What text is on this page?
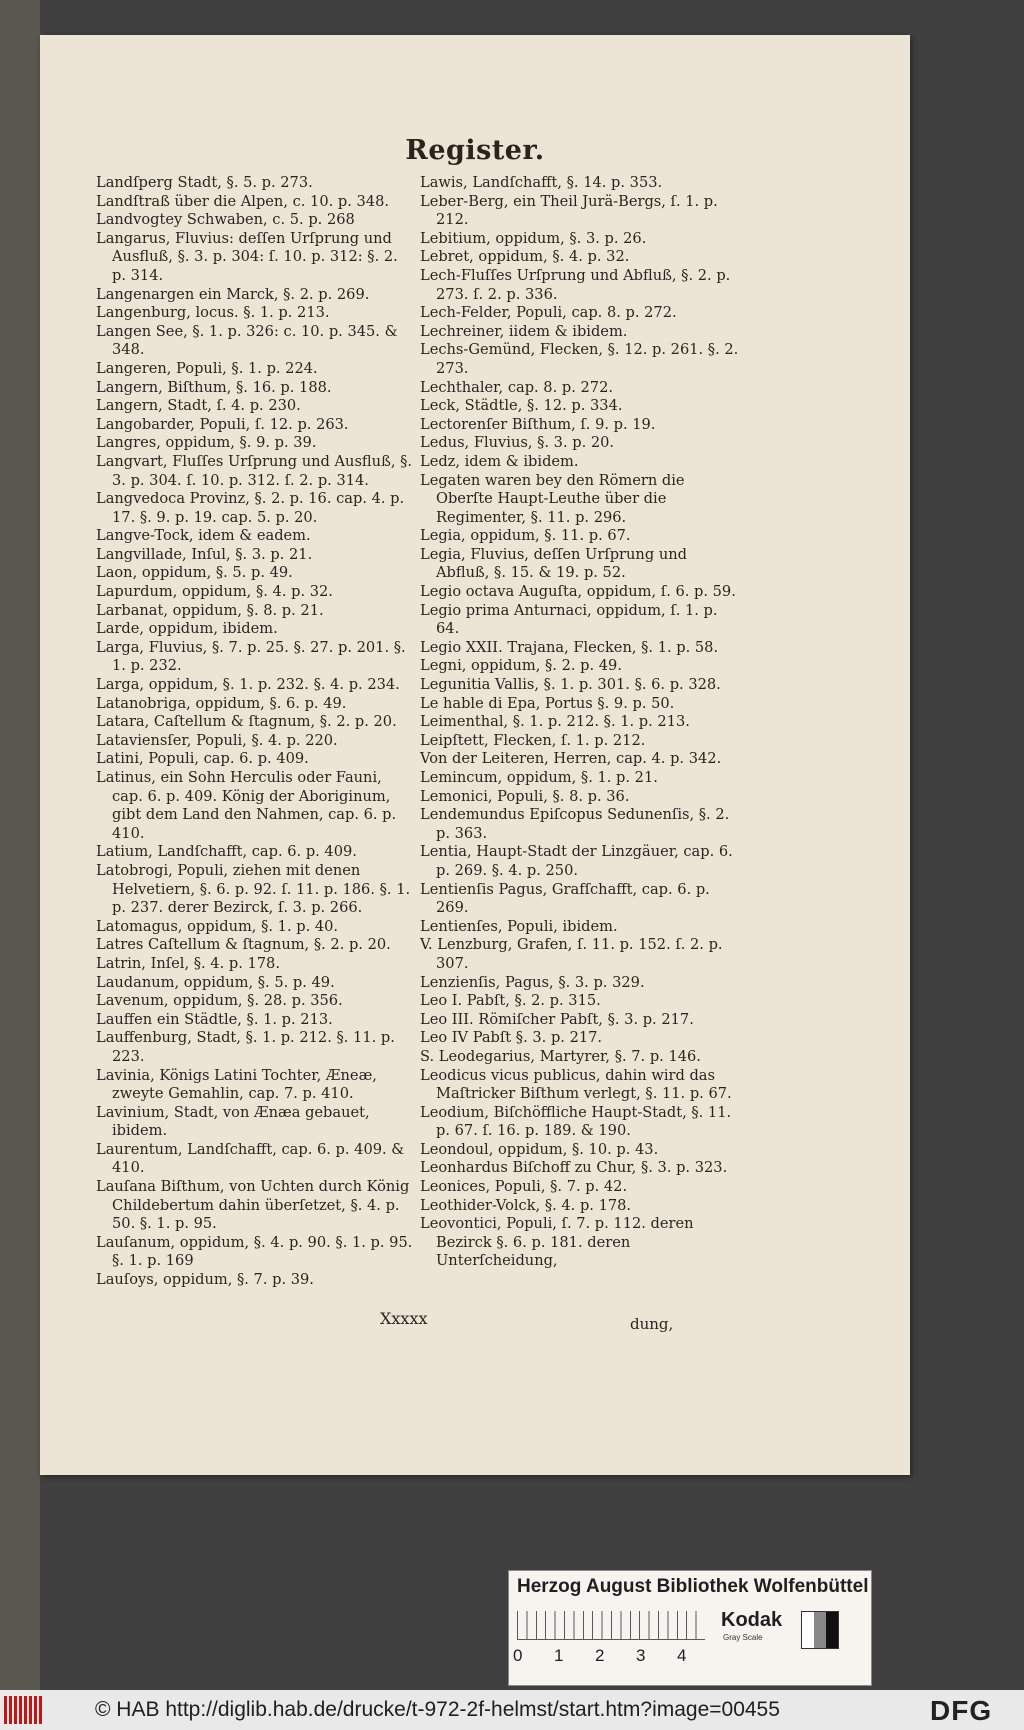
Register.

Landſperg Stadt, §. 5. p. 273.

Landſtraß über die Alpen, c. 10. p. 348.

Landvogtey Schwaben, c. 5. p. 268

Langarus, Fluvius: deſſen Urſprung und Ausfluß, §. 3. p. 304: ſ. 10. p. 312: §. 2. p. 314.

Langenargen ein Marck, §. 2. p. 269.

Langenburg, locus. §. 1. p. 213.

Langen See, §. 1. p. 326: c. 10. p. 345. & 348.

Langeren, Populi, §. 1. p. 224.

Langern, Biſthum, §. 16. p. 188.

Langern, Stadt, ſ. 4. p. 230.

Langobarder, Populi, ſ. 12. p. 263.

Langres, oppidum, §. 9. p. 39.

Langvart, Fluſſes Urſprung und Ausfluß, §. 3. p. 304. ſ. 10. p. 312. ſ. 2. p. 314.

Langvedoca Provinz, §. 2. p. 16. cap. 4. p. 17. §. 9. p. 19. cap. 5. p. 20.

Langve-Tock, idem & eadem.

Langvillade, Inſul, §. 3. p. 21.

Laon, oppidum, §. 5. p. 49.

Lapurdum, oppidum, §. 4. p. 32.

Larbanat, oppidum, §. 8. p. 21.

Larde, oppidum, ibidem.

Larga, Fluvius, §. 7. p. 25. §. 27. p. 201. §. 1. p. 232.

Larga, oppidum, §. 1. p. 232. §. 4. p. 234.

Latanobriga, oppidum, §. 6. p. 49.

Latara, Caſtellum & ſtagnum, §. 2. p. 20.

Lataviensſer, Populi, §. 4. p. 220.

Latini, Populi, cap. 6. p. 409.

Latinus, ein Sohn Herculis oder Fauni, cap. 6. p. 409. König der Aboriginum, gibt dem Land den Nahmen, cap. 6. p. 410.

Latium, Landſchafft, cap. 6. p. 409.

Latobrogi, Populi, ziehen mit denen Helvetiern, §. 6. p. 92. ſ. 11. p. 186. §. 1. p. 237. derer Bezirck, ſ. 3. p. 266.

Latomagus, oppidum, §. 1. p. 40.

Latres Caſtellum & ſtagnum, §. 2. p. 20.

Latrin, Inſel, §. 4. p. 178.

Laudanum, oppidum, §. 5. p. 49.

Lavenum, oppidum, §. 28. p. 356.

Lauffen ein Städtle, §. 1. p. 213.

Lauffenburg, Stadt, §. 1. p. 212. §. 11. p. 223.

Lavinia, Königs Latini Tochter, Æneæ, zweyte Gemahlin, cap. 7. p. 410.

Lavinium, Stadt, von Ænæa gebauet, ibidem.

Laurentum, Landſchafft, cap. 6. p. 409. & 410.

Lauſana Biſthum, von Uchten durch König Childebertum dahin überſetzet, §. 4. p. 50. §. 1. p. 95.

Lauſanum, oppidum, §. 4. p. 90. §. 1. p. 95. §. 1. p. 169

Lauſoys, oppidum, §. 7. p. 39.

Lawis, Landſchafft, §. 14. p. 353.

Leber-Berg, ein Theil Jurä-Bergs, ſ. 1. p. 212.

Lebitium, oppidum, §. 3. p. 26.

Lebret, oppidum, §. 4. p. 32.

Lech-Fluſſes Urſprung und Abfluß, §. 2. p. 273. ſ. 2. p. 336.

Lech-Felder, Populi, cap. 8. p. 272.

Lechreiner, iidem & ibidem.

Lechs-Gemünd, Flecken, §. 12. p. 261. §. 2. 273.

Lechthaler, cap. 8. p. 272.

Leck, Städtle, §. 12. p. 334.

Lectorenſer Biſthum, ſ. 9. p. 19.

Ledus, Fluvius, §. 3. p. 20.

Ledz, idem & ibidem.

Legaten waren bey den Römern die Oberſte Haupt-Leuthe über die Regimenter, §. 11. p. 296.

Legia, oppidum, §. 11. p. 67.

Legia, Fluvius, deſſen Urſprung und Abfluß, §. 15. & 19. p. 52.

Legio octava Auguſta, oppidum, ſ. 6. p. 59.

Legio prima Anturnaci, oppidum, ſ. 1. p. 64.

Legio XXII. Trajana, Flecken, §. 1. p. 58.

Legni, oppidum, §. 2. p. 49.

Legunitia Vallis, §. 1. p. 301. §. 6. p. 328.

Le hable di Epa, Portus §. 9. p. 50.

Leimenthal, §. 1. p. 212. §. 1. p. 213.

Leipſtett, Flecken, ſ. 1. p. 212.

Von der Leiteren, Herren, cap. 4. p. 342.

Lemincum, oppidum, §. 1. p. 21.

Lemonici, Populi, §. 8. p. 36.

Lendemundus Epiſcopus Sedunenſis, §. 2. p. 363.

Lentia, Haupt-Stadt der Linzgäuer, cap. 6. p. 269. §. 4. p. 250.

Lentienſis Pagus, Grafſchafft, cap. 6. p. 269.

Lentienſes, Populi, ibidem.

V. Lenzburg, Grafen, ſ. 11. p. 152. ſ. 2. p. 307.

Lenzienſis, Pagus, §. 3. p. 329.

Leo I. Pabſt, §. 2. p. 315.

Leo III. Römiſcher Pabſt, §. 3. p. 217.

Leo IV Pabſt §. 3. p. 217.

S. Leodegarius, Martyrer, §. 7. p. 146.

Leodicus vicus publicus, dahin wird das Maſtricker Biſthum verlegt, §. 11. p. 67.

Leodium, Biſchöffliche Haupt-Stadt, §. 11. p. 67. ſ. 16. p. 189. & 190.

Leondoul, oppidum, §. 10. p. 43.

Leonhardus Biſchoff zu Chur, §. 3. p. 323.

Leonices, Populi, §. 7. p. 42.

Leothider-Volck, §. 4. p. 178.

Leovontici, Populi, ſ. 7. p. 112. deren Bezirck §. 6. p. 181. deren Unterſcheidung,

Xxxxx	dung,
Herzog August Bibliothek Wolfenbüttel
0 1 2 3 4
Kodak
Gray Scale
© HAB http://diglib.hab.de/drucke/t-972-2f-helmst/start.htm?image=00455	DFG
